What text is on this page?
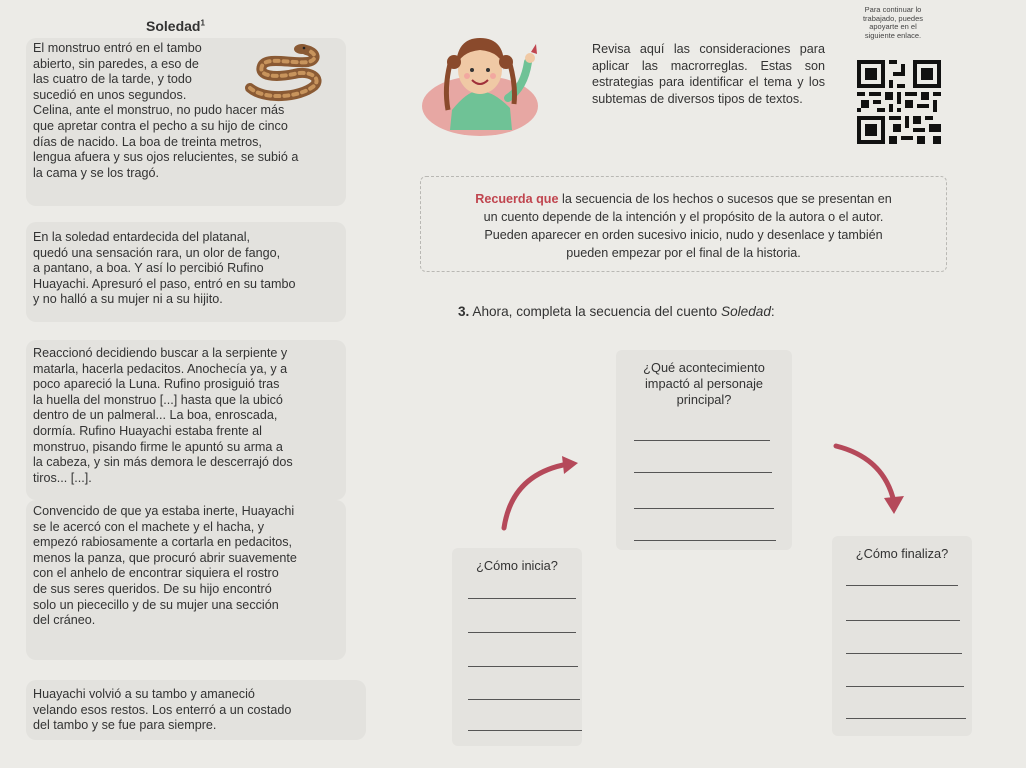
Soledad$^1$
El monstruo entró en el tambo
abierto, sin paredes, a eso de
las cuatro de la tarde, y todo
sucedió en unos segundos.
Celina, ante el monstruo, no pudo hacer más
que apretar contra el pecho a su hijo de cinco
días de nacido. La boa de treinta metros,
lengua afuera y sus ojos relucientes, se subió a
la cama y se los tragó.

Revisa aquí las consideraciones para aplicar las macrorreglas. Estas son estrategias para identificar el tema y los subtemas de diversos tipos de textos.

Para continuar lo
trabajado, puedes
apoyarte en el
siguiente enlace.
En la soledad entardecida del platanal,
quedó una sensación rara, un olor de fango,
a pantano, a boa. Y así lo percibió Rufino
Huayachi. Apresuró el paso, entró en su tambo
y no halló a su mujer ni a su hijito.
Recuerda que la secuencia de los hechos o sucesos que se presentan en
un cuento depende de la intención y el propósito de la autora o el autor.
Pueden aparecer en orden sucesivo inicio, nudo y desenlace y también
pueden empezar por el final de la historia.
3. Ahora, completa la secuencia del cuento Soledad:
Reaccionó decidiendo buscar a la serpiente y
matarla, hacerla pedacitos. Anochecía ya, y a
poco apareció la Luna. Rufino prosiguió tras
la huella del monstruo [...] hasta que la ubicó
dentro de un palmeral... La boa, enroscada,
dormía. Rufino Huayachi estaba frente al
monstruo, pisando firme le apuntó su arma a
la cabeza, y sin más demora le descerrajó dos
tiros... [...].
Convencido de que ya estaba inerte, Huayachi
se le acercó con el machete y el hacha, y
empezó rabiosamente a cortarla en pedacitos,
menos la panza, que procuró abrir suavemente
con el anhelo de encontrar siquiera el rostro
de sus seres queridos. De su hijo encontró
solo un piececillo y de su mujer una sección
del cráneo.
Huayachi volvió a su tambo y amaneció
velando esos restos. Los enterró a un costado
del tambo y se fue para siempre.
¿Qué acontecimiento
impactó al personaje
principal?
¿Cómo inicia?
¿Cómo finaliza?
